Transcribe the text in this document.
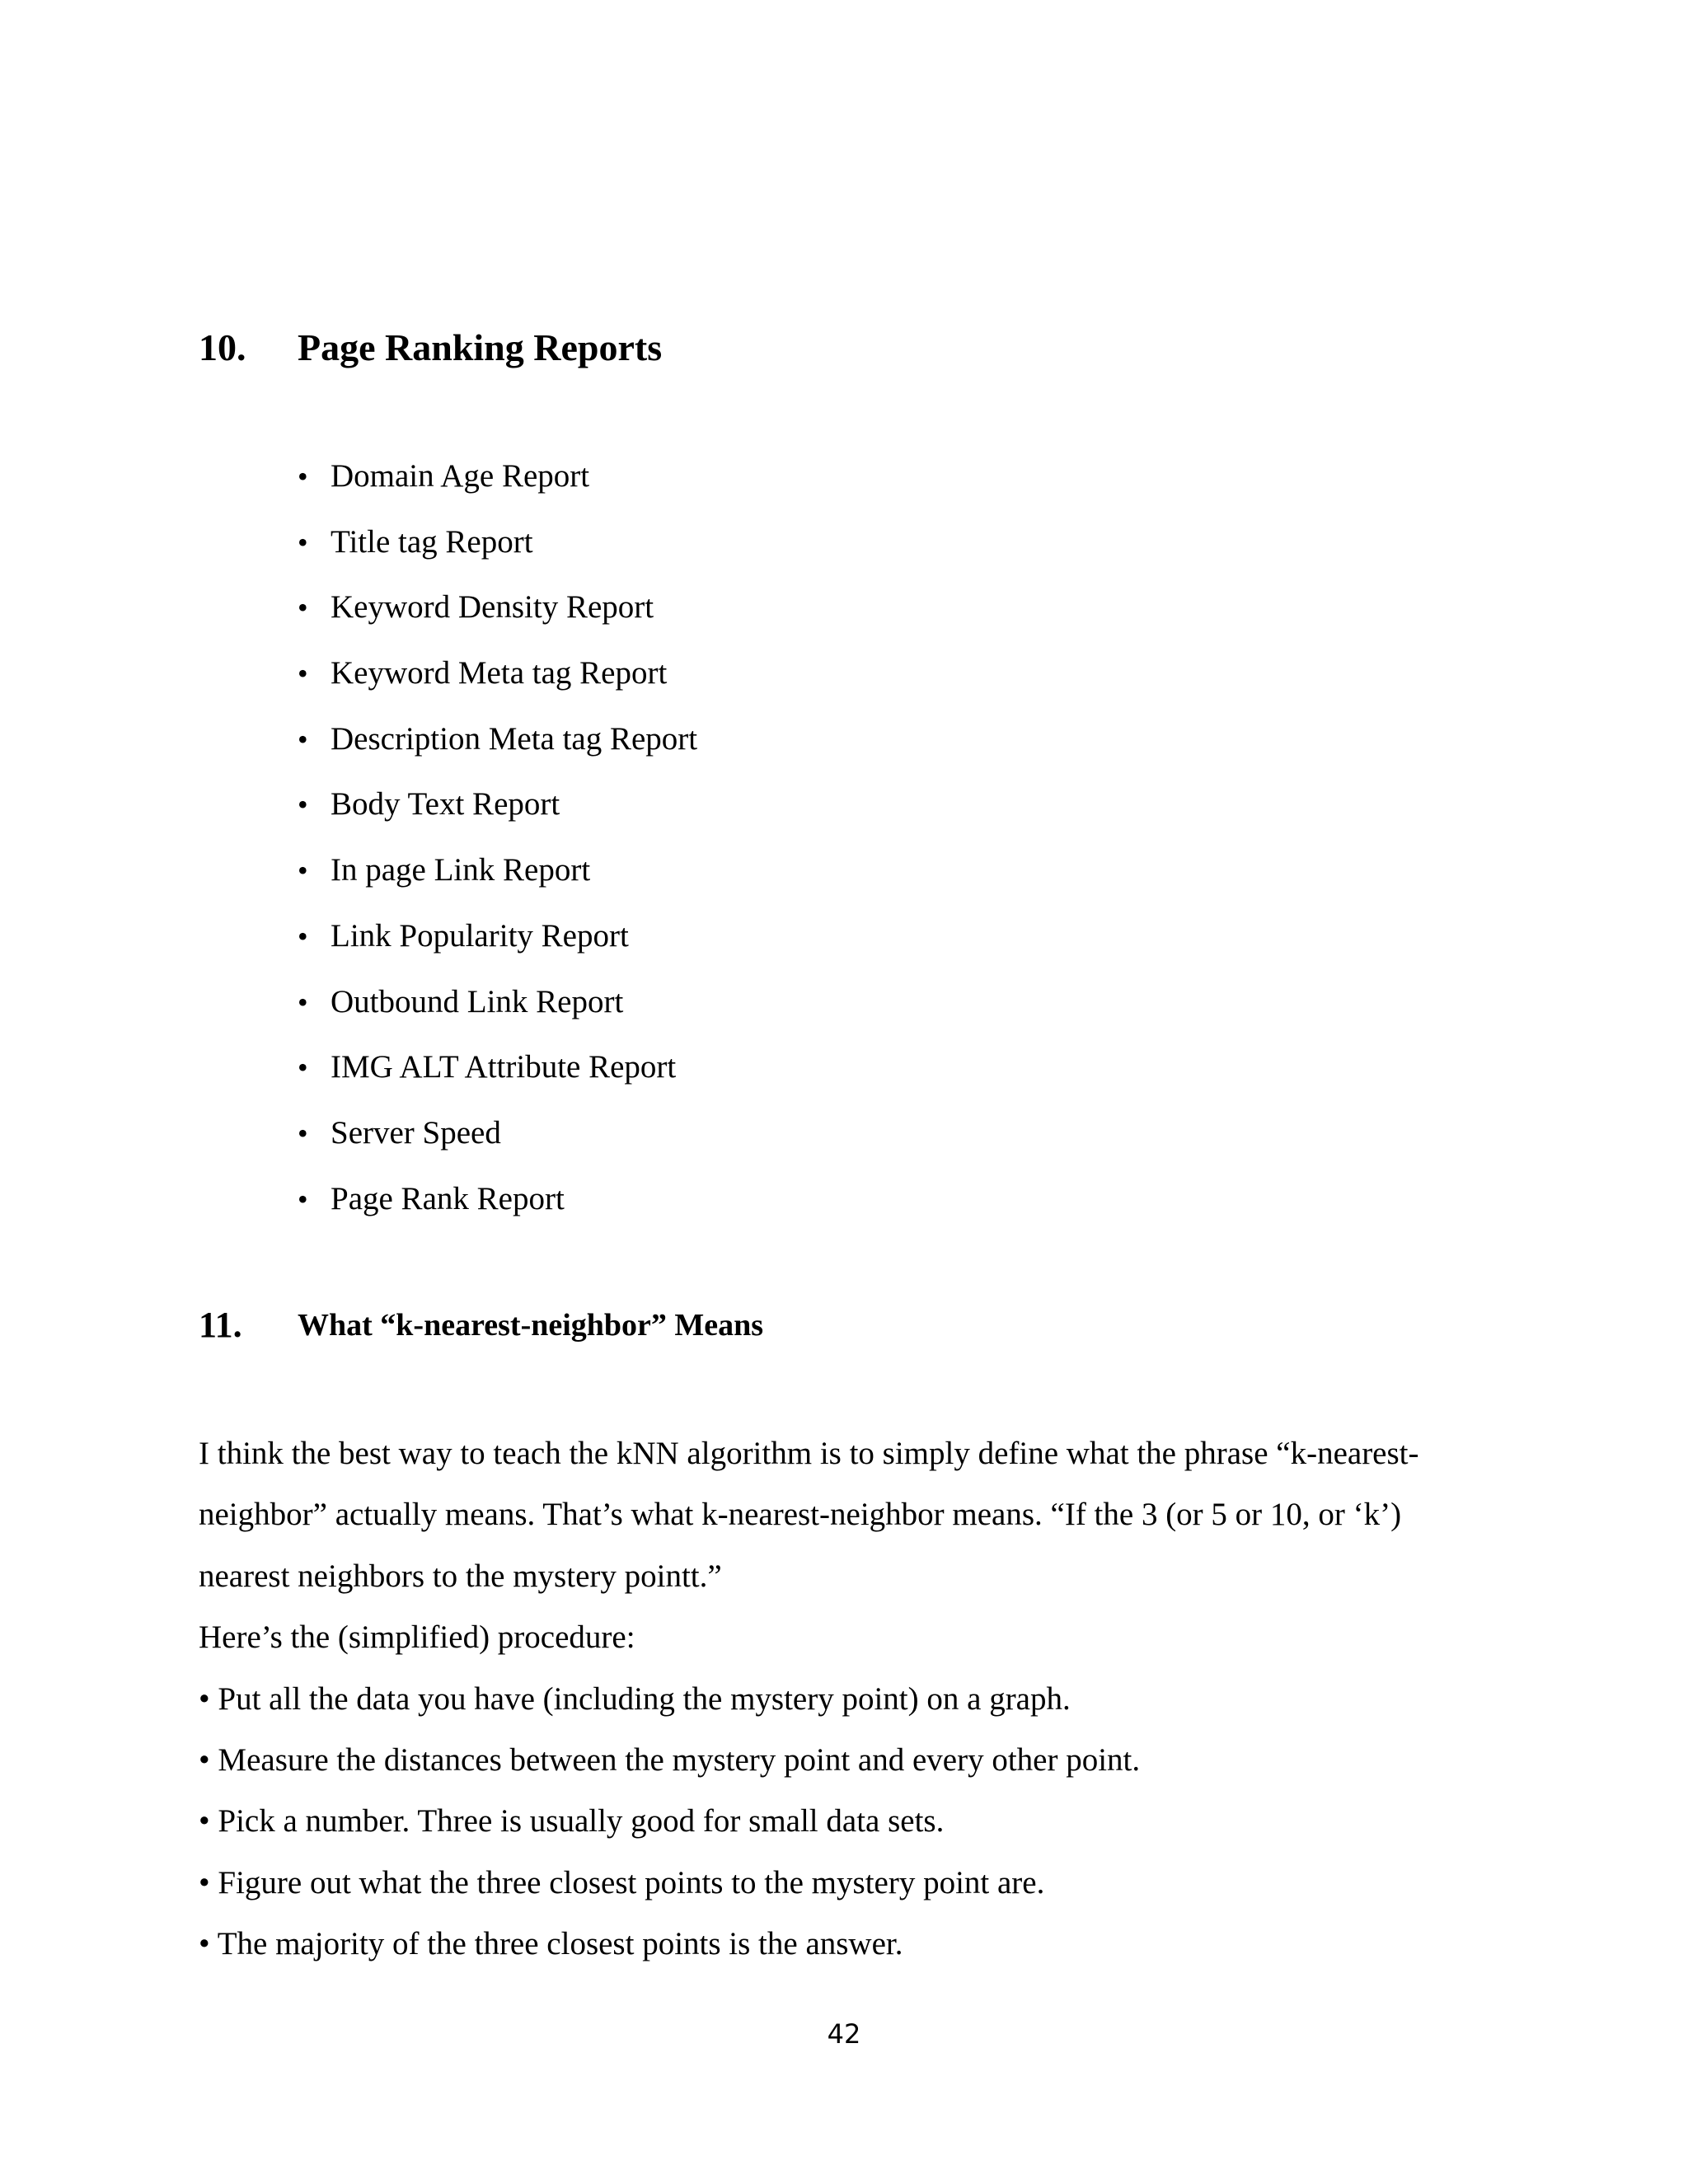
10. Page Ranking Reports
• Domain Age Report
• Title tag Report
• Keyword Density Report
• Keyword Meta tag Report
• Description Meta tag Report
• Body Text Report
• In page Link Report
• Link Popularity Report
• Outbound Link Report
• IMG ALT Attribute Report
• Server Speed
• Page Rank Report
11. What “k-nearest-neighbor” Means

I think the best way to teach the kNN algorithm is to simply define what the phrase “k-nearest-

neighbor” actually means. That’s what k-nearest-neighbor means. “If the 3 (or 5 or 10, or ‘k’)

nearest neighbors to the mystery pointt.”

Here’s the (simplified) procedure:

• Put all the data you have (including the mystery point) on a graph.

• Measure the distances between the mystery point and every other point.

• Pick a number. Three is usually good for small data sets.

• Figure out what the three closest points to the mystery point are.

• The majority of the three closest points is the answer.

42
